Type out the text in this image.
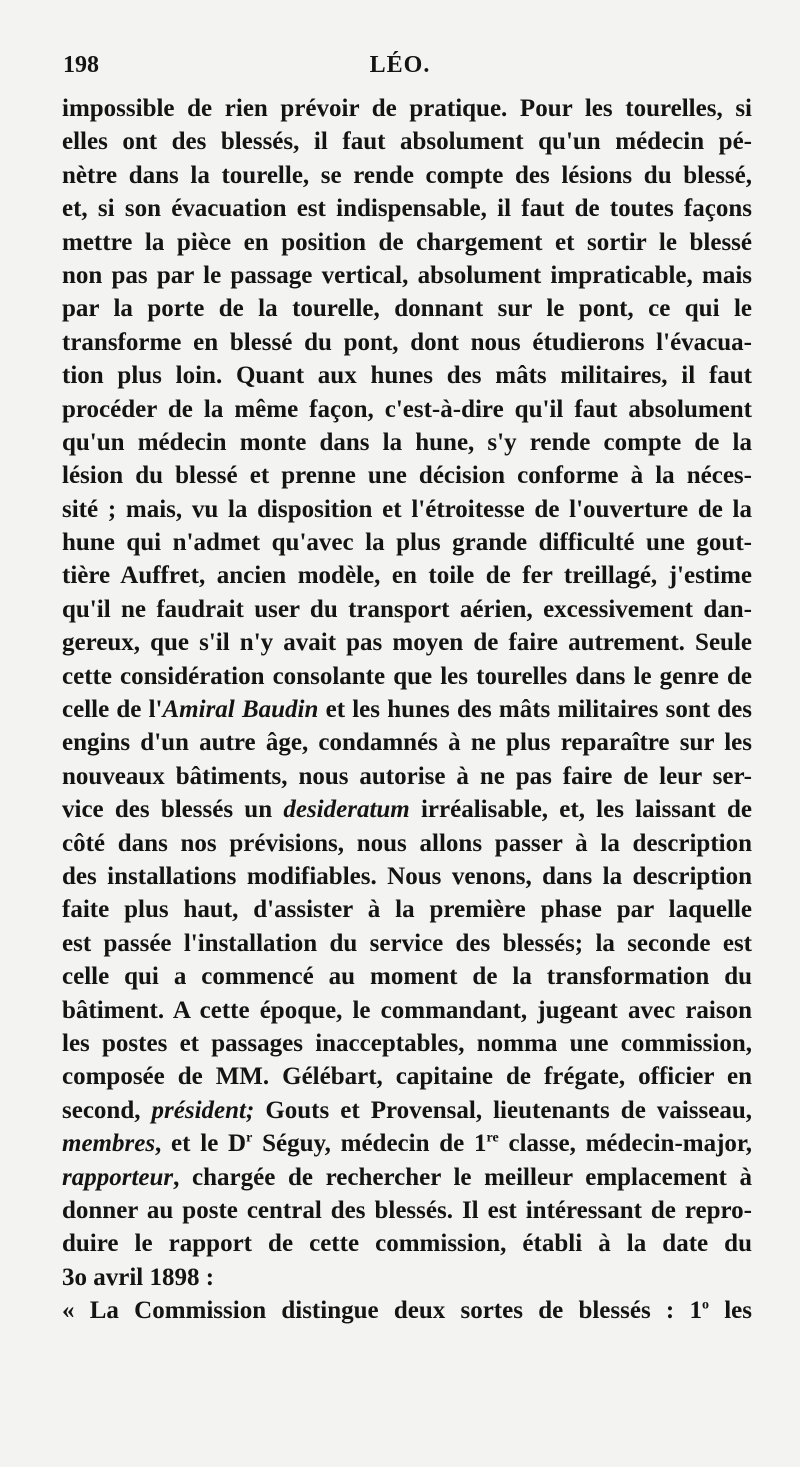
198	LÉO.
impossible de rien prévoir de pratique. Pour les tourelles, si
elles ont des blessés, il faut absolument qu'un médecin pé-
nètre dans la tourelle, se rende compte des lésions du blessé,
et, si son évacuation est indispensable, il faut de toutes façons
mettre la pièce en position de chargement et sortir le blessé
non pas par le passage vertical, absolument impraticable, mais
par la porte de la tourelle, donnant sur le pont, ce qui le
transforme en blessé du pont, dont nous étudierons l'évacua-
tion plus loin. Quant aux hunes des mâts militaires, il faut
procéder de la même façon, c'est-à-dire qu'il faut absolument
qu'un médecin monte dans la hune, s'y rende compte de la
lésion du blessé et prenne une décision conforme à la néces-
sité ; mais, vu la disposition et l'étroitesse de l'ouverture de la
hune qui n'admet qu'avec la plus grande difficulté une gout-
tière Auffret, ancien modèle, en toile de fer treillagé, j'estime
qu'il ne faudrait user du transport aérien, excessivement dan-
gereux, que s'il n'y avait pas moyen de faire autrement. Seule
cette considération consolante que les tourelles dans le genre de
celle de l'Amiral Baudin et les hunes des mâts militaires sont des
engins d'un autre âge, condamnés à ne plus reparaître sur les
nouveaux bâtiments, nous autorise à ne pas faire de leur ser-
vice des blessés un desideratum irréalisable, et, les laissant de
côté dans nos prévisions, nous allons passer à la description
des installations modifiables. Nous venons, dans la description
faite plus haut, d'assister à la première phase par laquelle
est passée l'installation du service des blessés; la seconde est
celle qui a commencé au moment de la transformation du
bâtiment. A cette époque, le commandant, jugeant avec raison
les postes et passages inacceptables, nomma une commission,
composée de MM. Gélébart, capitaine de frégate, officier en
second, président; Gouts et Provensal, lieutenants de vaisseau,
membres, et le $D^r$ Séguy, médecin de 1re classe, médecin-major,
rapporteur, chargée de rechercher le meilleur emplacement à
donner au poste central des blessés. Il est intéressant de repro-
duire le rapport de cette commission, établi à la date du
3o avril 1898 :
« La Commission distingue deux sortes de blessés : 1$^o$ les
